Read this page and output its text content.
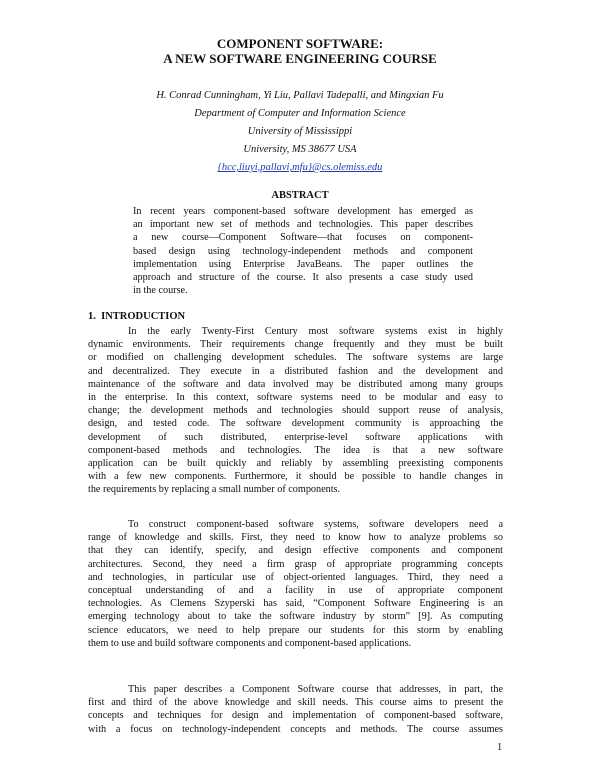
COMPONENT SOFTWARE:
A NEW SOFTWARE ENGINEERING COURSE
H. Conrad Cunningham, Yi Liu, Pallavi Tadepalli, and Mingxian Fu
Department of Computer and Information Science
University of Mississippi
University, MS 38677 USA
{hcc,liuyi,pallavi,mfu}@cs.olemiss.edu
ABSTRACT
In recent years component-based software development has emerged as
an important new set of methods and technologies. This paper describes
a new course—Component Software—that focuses on component-
based design using technology-independent methods and component
implementation using Enterprise JavaBeans. The paper outlines the
approach and structure of the course. It also presents a case study used
in the course.
1. INTRODUCTION
In the early Twenty-First Century most software systems exist in highly
dynamic environments. Their requirements change frequently and they must be built
or modified on challenging development schedules. The software systems are large
and decentralized. They execute in a distributed fashion and the development and
maintenance of the software and data involved may be distributed among many groups
in the enterprise. In this context, software systems need to be modular and easy to
change; the development methods and technologies should support reuse of analysis,
design, and tested code. The software development community is approaching the
development of such distributed, enterprise-level software applications with
component-based methods and technologies. The idea is that a new software
application can be built quickly and reliably by assembling preexisting components
with a few new components. Furthermore, it should be possible to handle changes in
the requirements by replacing a small number of components.
To construct component-based software systems, software developers need a
range of knowledge and skills. First, they need to know how to analyze problems so
that they can identify, specify, and design effective components and component
architectures. Second, they need a firm grasp of appropriate programming concepts
and technologies, in particular use of object-oriented languages. Third, they need a
conceptual understanding of and a facility in use of appropriate component
technologies. As Clemens Szyperski has said, “Component Software Engineering is an
emerging technology about to take the software industry by storm” [9]. As computing
science educators, we need to help prepare our students for this storm by enabling
them to use and build software components and component-based applications.
This paper describes a Component Software course that addresses, in part, the
first and third of the above knowledge and skill needs. This course aims to present the
concepts and techniques for design and implementation of component-based software,
with a focus on technology-independent concepts and methods. The course assumes
1
